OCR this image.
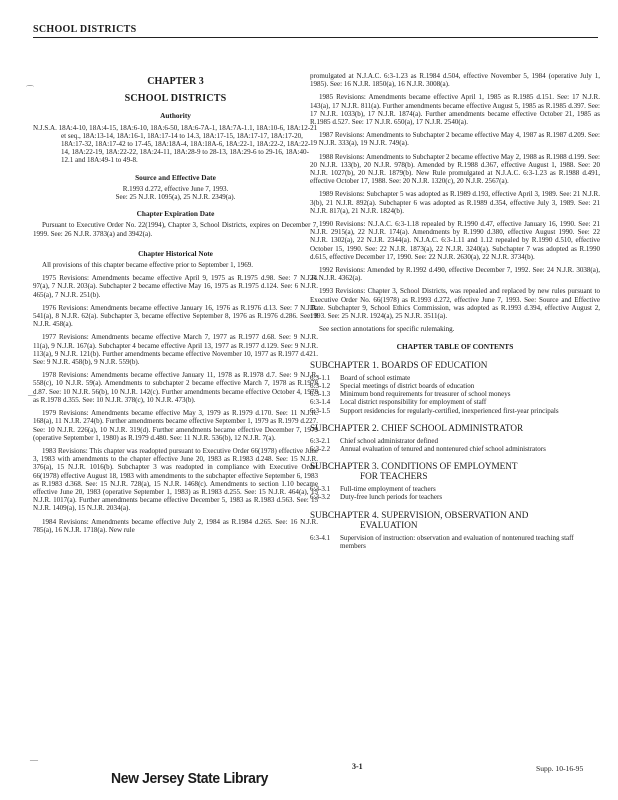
SCHOOL DISTRICTS
⌒
—
—
CHAPTER 3
SCHOOL DISTRICTS
Authority
N.J.S.A. 18A:4-10, 18A:4-15, 18A:6-10, 18A:6-50, 18A:6-7A-1, 18A:7A-1.1, 18A:10-6, 18A:12-21 et seq., 18A:13-14, 18A:16-1, 18A:17-14 to 14.3, 18A:17-15, 18A:17-17, 18A:17-20, 18A:17-32, 18A:17-42 to 17-45, 18A:18A-4, 18A:18A-6, 18A:22-1, 18A:22-2, 18A:22-14, 18A:22-19, 18A:22-22, 18A:24-11, 18A:28-9 to 28-13, 18A:29-6 to 29-16, 18A:40-12.1 and 18A:49-1 to 49-8.
Source and Effective Date
R.1993 d.272, effective June 7, 1993.
See: 25 N.J.R. 1095(a), 25 N.J.R. 2349(a).
Chapter Expiration Date
Pursuant to Executive Order No. 22(1994), Chapter 3, School Districts, expires on December 7, 1999. See: 26 N.J.R. 3783(a) and 3942(a).
Chapter Historical Note
All provisions of this chapter became effective prior to September 1, 1969.
1975 Revisions: Amendments became effective April 9, 1975 as R.1975 d.98. See: 7 N.J.R. 97(a), 7 N.J.R. 203(a). Subchapter 2 became effective May 16, 1975 as R.1975 d.124. See: 6 N.J.R. 465(a), 7 N.J.R. 251(b).
1976 Revisions: Amendments became effective January 16, 1976 as R.1976 d.13. See: 7 N.J.R. 541(a), 8 N.J.R. 62(a). Subchapter 3, became effective September 8, 1976 as R.1976 d.286. See: 8 N.J.R. 458(a).
1977 Revisions: Amendments became effective March 7, 1977 as R.1977 d.68. See: 9 N.J.R. 11(a), 9 N.J.R. 167(a). Subchapter 4 became effective April 13, 1977 as R.1977 d.129. See: 9 N.J.R. 113(a), 9 N.J.R. 121(b). Further amendments became effective November 10, 1977 as R.1977 d.421. See: 9 N.J.R. 458(b), 9 N.J.R. 559(b).
1978 Revisions: Amendments became effective January 11, 1978 as R.1978 d.7. See: 9 N.J.R. 558(c), 10 N.J.R. 59(a). Amendments to subchapter 2 became effective March 7, 1978 as R.1978 d.87. See: 10 N.J.R. 56(b), 10 N.J.R. 142(c). Further amendments became effective October 4, 1978 as R.1978 d.355. See: 10 N.J.R. 378(c), 10 N.J.R. 473(b).
1979 Revisions: Amendments became effective May 3, 1979 as R.1979 d.170. See: 11 N.J.R. 168(a), 11 N.J.R. 274(b). Further amendments became effective September 1, 1979 as R.1979 d.227. See: 10 N.J.R. 226(a), 10 N.J.R. 319(d). Further amendments became effective December 7, 1979 (operative September 1, 1980) as R.1979 d.480. See: 11 N.J.R. 536(b), 12 N.J.R. 7(a).
1983 Revisions: This chapter was readopted pursuant to Executive Order 66(1978) effective June 3, 1983 with amendments to the chapter effective June 20, 1983 as R.1983 d.248. See: 15 N.J.R. 376(a), 15 N.J.R. 1016(b). Subchapter 3 was readopted in compliance with Executive Order 66(1978) effective August 18, 1983 with amendments to the subchapter effective September 6, 1983 as R.1983 d.368. See: 15 N.J.R. 728(a), 15 N.J.R. 1468(c). Amendments to section 1.10 became effective June 20, 1983 (operative September 1, 1983) as R.1983 d.255. See: 15 N.J.R. 464(a), 15 N.J.R. 1017(a). Further amendments became effective December 5, 1983 as R.1983 d.563. See: 15 N.J.R. 1409(a), 15 N.J.R. 2034(a).
1984 Revisions: Amendments became effective July 2, 1984 as R.1984 d.265. See: 16 N.J.R. 785(a), 16 N.J.R. 1718(a). New rule
promulgated at N.J.A.C. 6:3-1.23 as R.1984 d.504, effective November 5, 1984 (operative July 1, 1985). See: 16 N.J.R. 1850(a), 16 N.J.R. 3008(a).
1985 Revisions: Amendments became effective April 1, 1985 as R.1985 d.151. See: 17 N.J.R. 143(a), 17 N.J.R. 811(a). Further amendments became effective August 5, 1985 as R.1985 d.397. See: 17 N.J.R. 1033(b), 17 N.J.R. 1874(a). Further amendments became effective October 21, 1985 as R.1985 d.527. See: 17 N.J.R. 650(a), 17 N.J.R. 2540(a).
1987 Revisions: Amendments to Subchapter 2 became effective May 4, 1987 as R.1987 d.209. See: 19 N.J.R. 333(a), 19 N.J.R. 749(a).
1988 Revisions: Amendments to Subchapter 2 became effective May 2, 1988 as R.1988 d.199. See: 20 N.J.R. 133(b), 20 N.J.R. 978(b). Amended by R.1988 d.367, effective August 1, 1988. See: 20 N.J.R. 1027(b), 20 N.J.R. 1879(b). New Rule promulgated at N.J.A.C. 6:3-1.23 as R.1988 d.491, effective October 17, 1988. See: 20 N.J.R. 1320(c), 20 N.J.R. 2567(a).
1989 Revisions: Subchapter 5 was adopted as R.1989 d.193, effective April 3, 1989. See: 21 N.J.R. 3(b), 21 N.J.R. 892(a). Subchapter 6 was adopted as R.1989 d.354, effective July 3, 1989. See: 21 N.J.R. 817(a), 21 N.J.R. 1824(b).
1990 Revisions: N.J.A.C. 6:3-1.18 repealed by R.1990 d.47, effective January 16, 1990. See: 21 N.J.R. 2915(a), 22 N.J.R. 174(a). Amendments by R.1990 d.380, effective August 1990. See: 22 N.J.R. 1302(a), 22 N.J.R. 2344(a). N.J.A.C. 6:3-1.11 and 1.12 repealed by R.1990 d.510, effective October 15, 1990. See: 22 N.J.R. 1873(a), 22 N.J.R. 3240(a). Subchapter 7 was adopted as R.1990 d.615, effective December 17, 1990. See: 22 N.J.R. 2630(a), 22 N.J.R. 3734(b).
1992 Revisions: Amended by R.1992 d.490, effective December 7, 1992. See: 24 N.J.R. 3038(a), 24 N.J.R. 4362(a).
1993 Revisions: Chapter 3, School Districts, was repealed and replaced by new rules pursuant to Executive Order No. 66(1978) as R.1993 d.272, effective June 7, 1993. See: Source and Effective Date. Subchapter 9, School Ethics Commission, was adopted as R.1993 d.394, effective August 2, 1993. See: 25 N.J.R. 1924(a), 25 N.J.R. 3511(a).
See section annotations for specific rulemaking.
CHAPTER TABLE OF CONTENTS
SUBCHAPTER 1. BOARDS OF EDUCATION
6:3-1.1	Board of school estimate
6:3-1.2	Special meetings of district boards of education
6:3-1.3	Minimum bond requirements for treasurer of school moneys
6:3-1.4	Local district responsibility for employment of staff
6:3-1.5	Support residencies for regularly-certified, inexperienced first-year principals
SUBCHAPTER 2. CHIEF SCHOOL ADMINISTRATOR
6:3-2.1	Chief school administrator defined
6:3-2.2	Annual evaluation of tenured and nontenured chief school administrators
SUBCHAPTER 3. CONDITIONS OF EMPLOYMENT
FOR TEACHERS
6:3-3.1	Full-time employment of teachers
6:3-3.2	Duty-free lunch periods for teachers
SUBCHAPTER 4. SUPERVISION, OBSERVATION AND
EVALUATION
6:3-4.1	Supervision of instruction: observation and evaluation of nontenured teaching staff members
3-1	Supp. 10-16-95
New Jersey State Library
